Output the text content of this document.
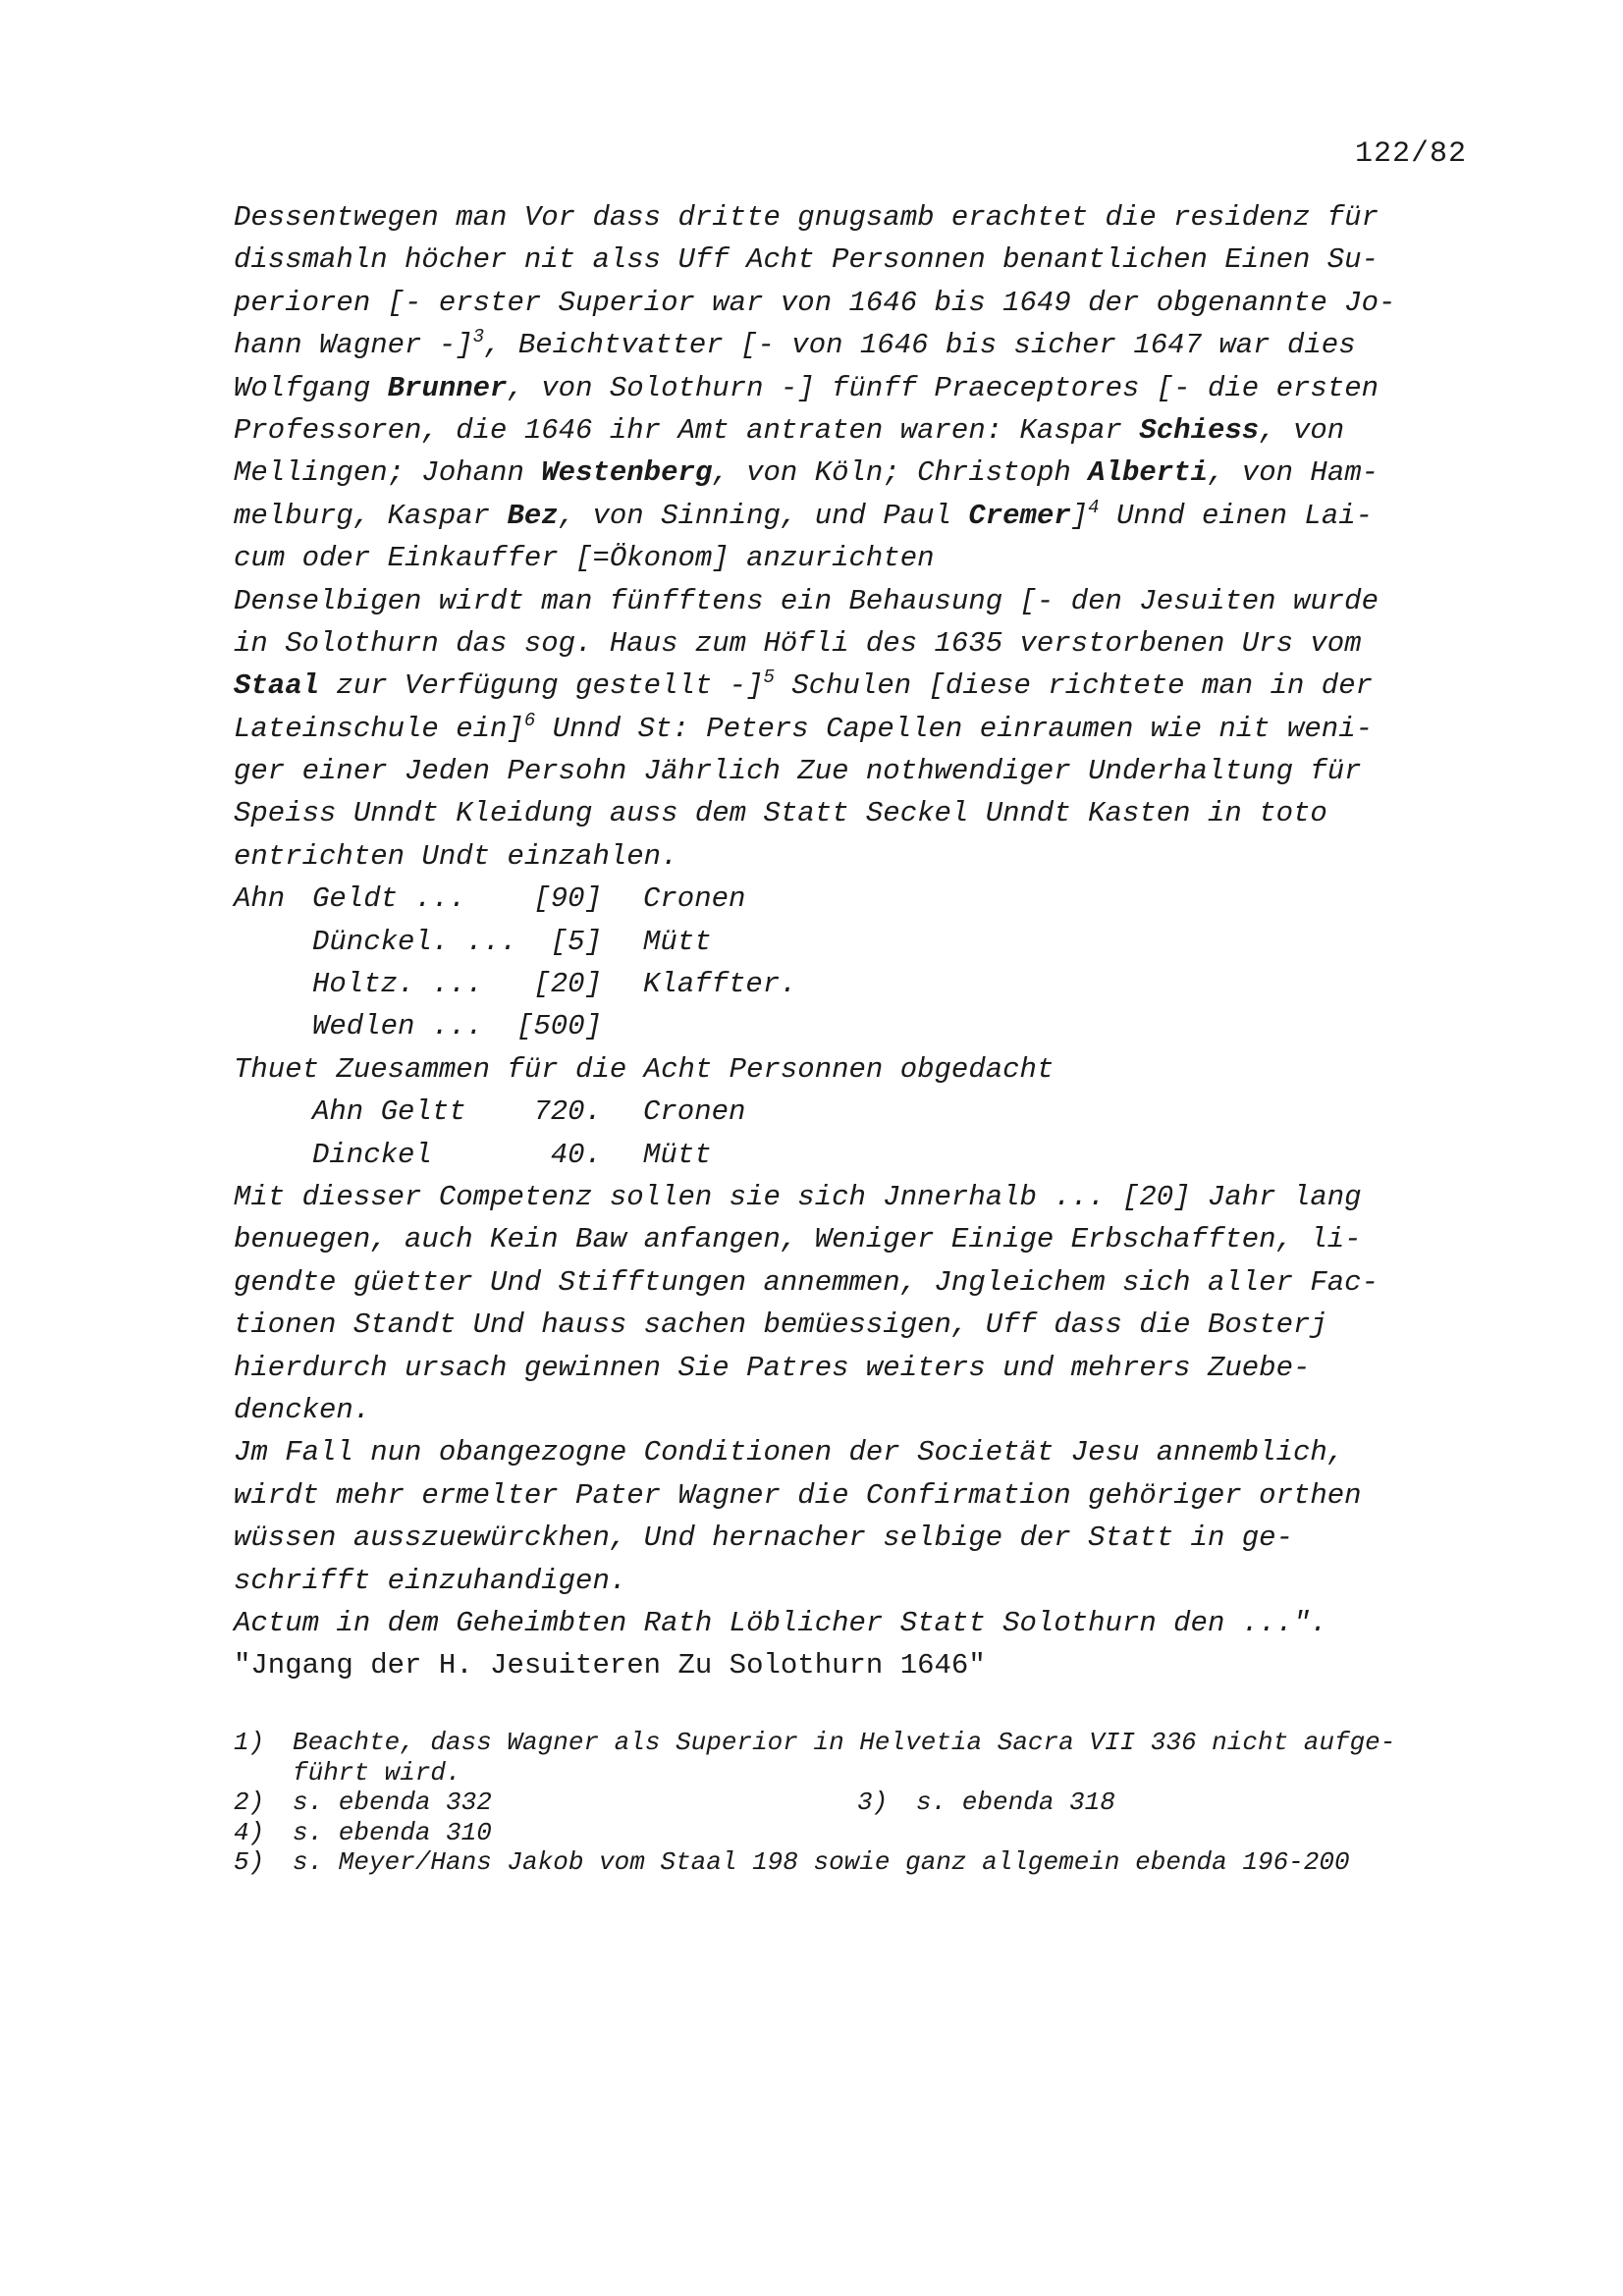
122/82
Dessentwegen man Vor dass dritte gnugsamb erachtet die residenz für
dissmahln höcher nit alss Uff Acht Personnen benantlichen Einen Su-
perioren [- erster Superior war von 1646 bis 1649 der obgenannte Jo-
hann Wagner -]$^3$, Beichtvatter [- von 1646 bis sicher 1647 war dies
Wolfgang Brunner, von Solothurn -] fünff Praeceptores [- die ersten
Professoren, die 1646 ihr Amt antraten waren: Kaspar Schiess, von
Mellingen; Johann Westenberg, von Köln; Christoph Alberti, von Ham-
melburg, Kaspar Bez, von Sinning, und Paul Cremer]$^4$ Unnd einen Lai-
cum oder Einkauffer [=Ökonom] anzurichten
Denselbigen wirdt man fünfftens ein Behausung [- den Jesuiten wurde
in Solothurn das sog. Haus zum Höfli des 1635 verstorbenen Urs vom
Staal zur Verfügung gestellt -]$^5$ Schulen [diese richtete man in der
Lateinschule ein]$^6$ Unnd St: Peters Capellen einraumen wie nit weni-
ger einer Jeden Persohn Jährlich Zue nothwendiger Underhaltung für
Speiss Unndt Kleidung auss dem Statt Seckel Unndt Kasten in toto
entrichten Undt einzahlen.
Ahn Geldt ... [90] Cronen
Dünckel. ... [5] Mütt
Holtz. ... [20] Klaffter.
Wedlen ... [500]
Thuet Zuesammen für die Acht Personnen obgedacht
Ahn Geltt 720. Cronen
Dinckel	40. Mütt
Mit diesser Competenz sollen sie sich Jnnerhalb ... [20] Jahr lang
benuegen, auch Kein Baw anfangen, Weniger Einige Erbschafften, li-
gendte güetter Und Stifftungen annemmen, Jngleichem sich aller Fac-
tionen Standt Und hauss sachen bemüessigen, Uff dass die Bosterj
hierdurch ursach gewinnen Sie Patres weiters und mehrers Zuebe-
dencken.
Jm Fall nun obangezogne Conditionen der Societät Jesu annemblich,
wirdt mehr ermelter Pater Wagner die Confirmation gehöriger orthen
wüssen ausszuewürckhen, Und hernacher selbige der Statt in ge-
schrifft einzuhandigen.
Actum in dem Geheimbten Rath Löblicher Statt Solothurn den ...".
"Jngang der H. Jesuiteren Zu Solothurn 1646"
1) Beachte, dass Wagner als Superior in Helvetia Sacra VII 336 nicht aufge-
führt wird.
2) s. ebenda 332	3) s. ebenda 318
4) s. ebenda 310
5) s. Meyer/Hans Jakob vom Staal 198 sowie ganz allgemein ebenda 196-200
